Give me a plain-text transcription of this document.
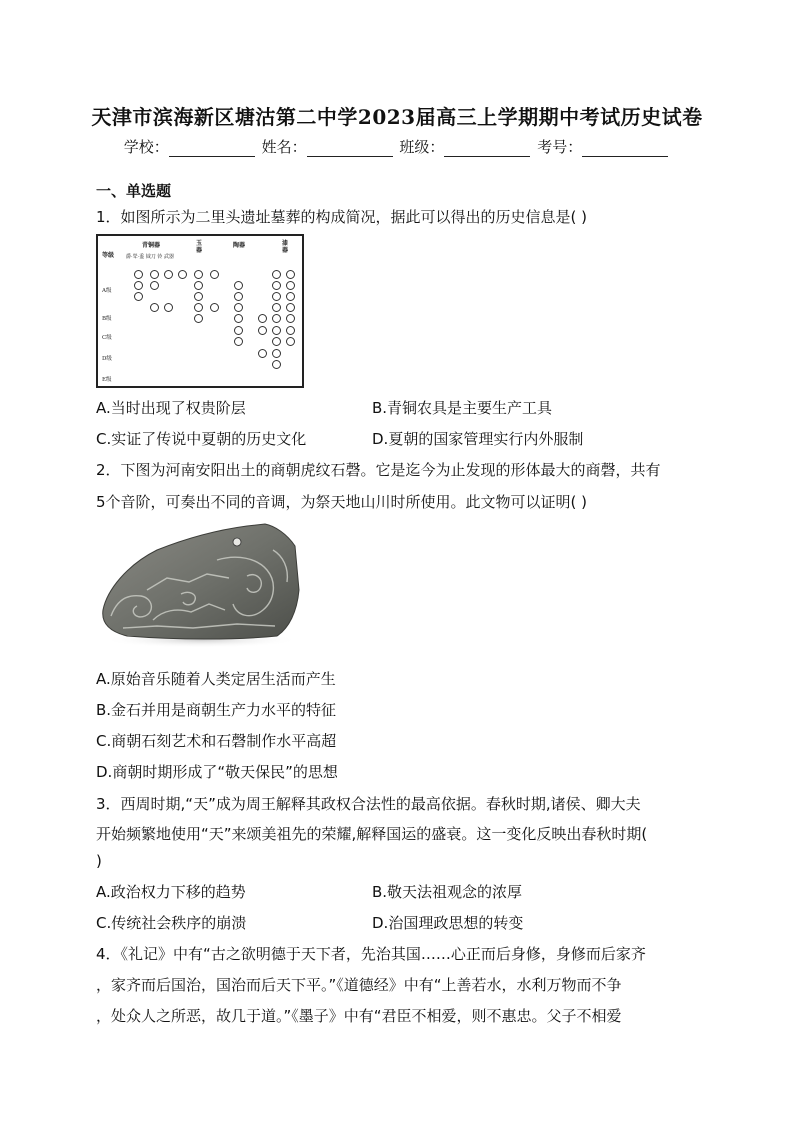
天津市滨海新区塘沽第二中学2023届高三上学期期中考试历史试卷
学校：	姓名：	班级：	考号：
一、单选题
1．如图所示为二里头遗址墓葬的构成简况，据此可以得出的历史信息是( )
等级
青铜器	玉器
陶器	漆器
爵·斝·盉 钺刀 铃 武器
A级
B级
C级
D级
E级
A.当时出现了权贵阶层	B.青铜农具是主要生产工具
C.实证了传说中夏朝的历史文化	D.夏朝的国家管理实行内外服制
2．下图为河南安阳出土的商朝虎纹石磬。它是迄今为止发现的形体最大的商磬，共有
5个音阶，可奏出不同的音调，为祭天地山川时所使用。此文物可以证明( )
A.原始音乐随着人类定居生活而产生
B.金石并用是商朝生产力水平的特征
C.商朝石刻艺术和石磬制作水平高超
D.商朝时期形成了“敬天保民”的思想
3．西周时期,“天”成为周王解释其政权合法性的最高依据。春秋时期,诸侯、卿大夫
开始频繁地使用“天”来颂美祖先的荣耀,解释国运的盛衰。这一变化反映出春秋时期(
)
A.政治权力下移的趋势	B.敬天法祖观念的浓厚
C.传统社会秩序的崩溃	D.治国理政思想的转变
4．《礼记》中有“古之欲明德于天下者，先治其国……心正而后身修，身修而后家齐
，家齐而后国治，国治而后天下平。”《道德经》中有“上善若水，水利万物而不争
，处众人之所恶，故几于道。”《墨子》中有“君臣不相爱，则不惠忠。父子不相爱
